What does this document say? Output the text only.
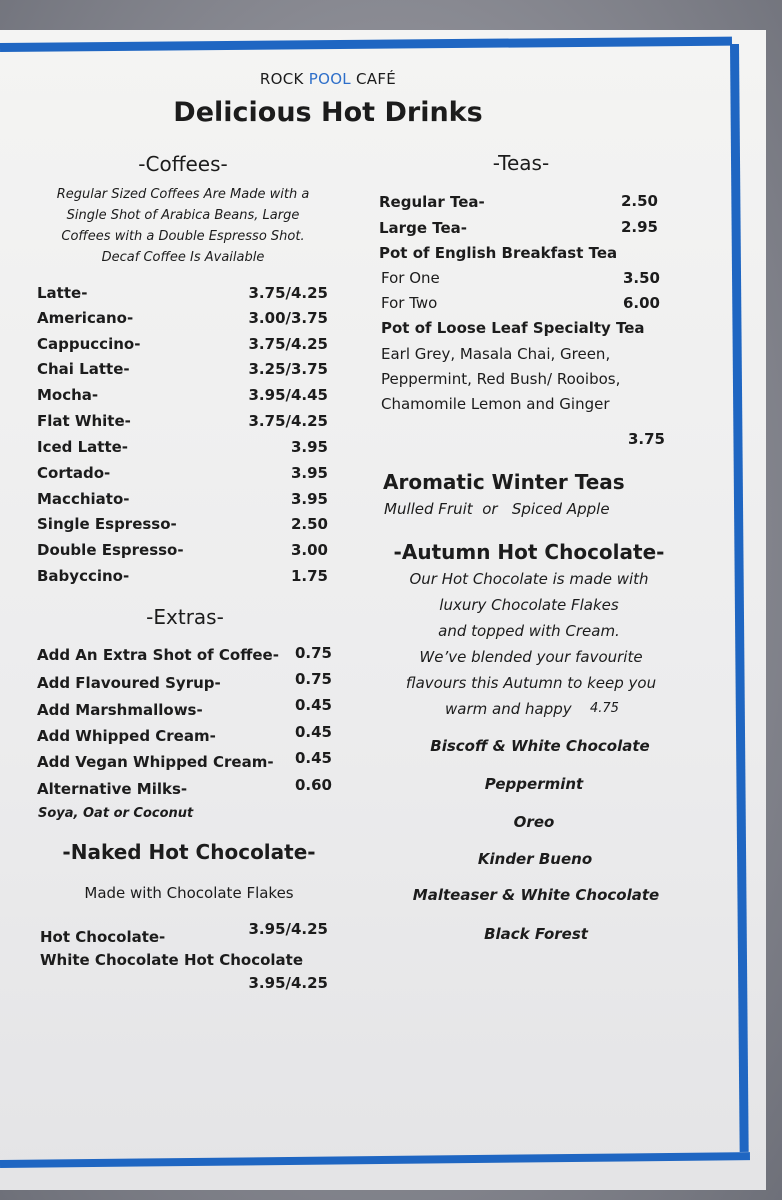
ROCK POOL CAFÉ
Delicious Hot Drinks
-Coffees-
Regular Sized Coffees Are Made with a
Single Shot of Arabica Beans, Large
Coffees with a Double Espresso Shot.
Decaf Coffee Is Available
Latte-	3.75/4.25
Americano-	3.00/3.75
Cappuccino-	3.75/4.25
Chai Latte-	3.25/3.75
Mocha-	3.95/4.45
Flat White-	3.75/4.25
Iced Latte-	3.95
Cortado-	3.95
Macchiato-	3.95
Single Espresso-	2.50
Double Espresso-	3.00
Babyccino-	1.75
-Extras-
Add An Extra Shot of Coffee-	0.75
Add Flavoured Syrup-	0.75
Add Marshmallows-	0.45
Add Whipped Cream-	0.45
Add Vegan Whipped Cream-	0.45
Alternative Milks-	0.60
Soya, Oat or Coconut
-Naked Hot Chocolate-
Made with Chocolate Flakes
Hot Chocolate-	3.95/4.25
White Chocolate Hot Chocolate
3.95/4.25
-Teas-
Regular Tea-	2.50
Large Tea-	2.95
Pot of English Breakfast Tea
For One	3.50
For Two	6.00
Pot of Loose Leaf Specialty Tea
Earl Grey, Masala Chai, Green,
Peppermint, Red Bush/ Rooibos,
Chamomile Lemon and Ginger
3.75
Aromatic Winter Teas
Mulled Fruit or Spiced Apple
-Autumn Hot Chocolate-
Our Hot Chocolate is made with
luxury Chocolate Flakes
and topped with Cream.
We’ve blended your favourite
flavours this Autumn to keep you
warm and happy 4.75
Biscoff & White Chocolate
Peppermint
Oreo
Kinder Bueno
Malteaser & White Chocolate
Black Forest
